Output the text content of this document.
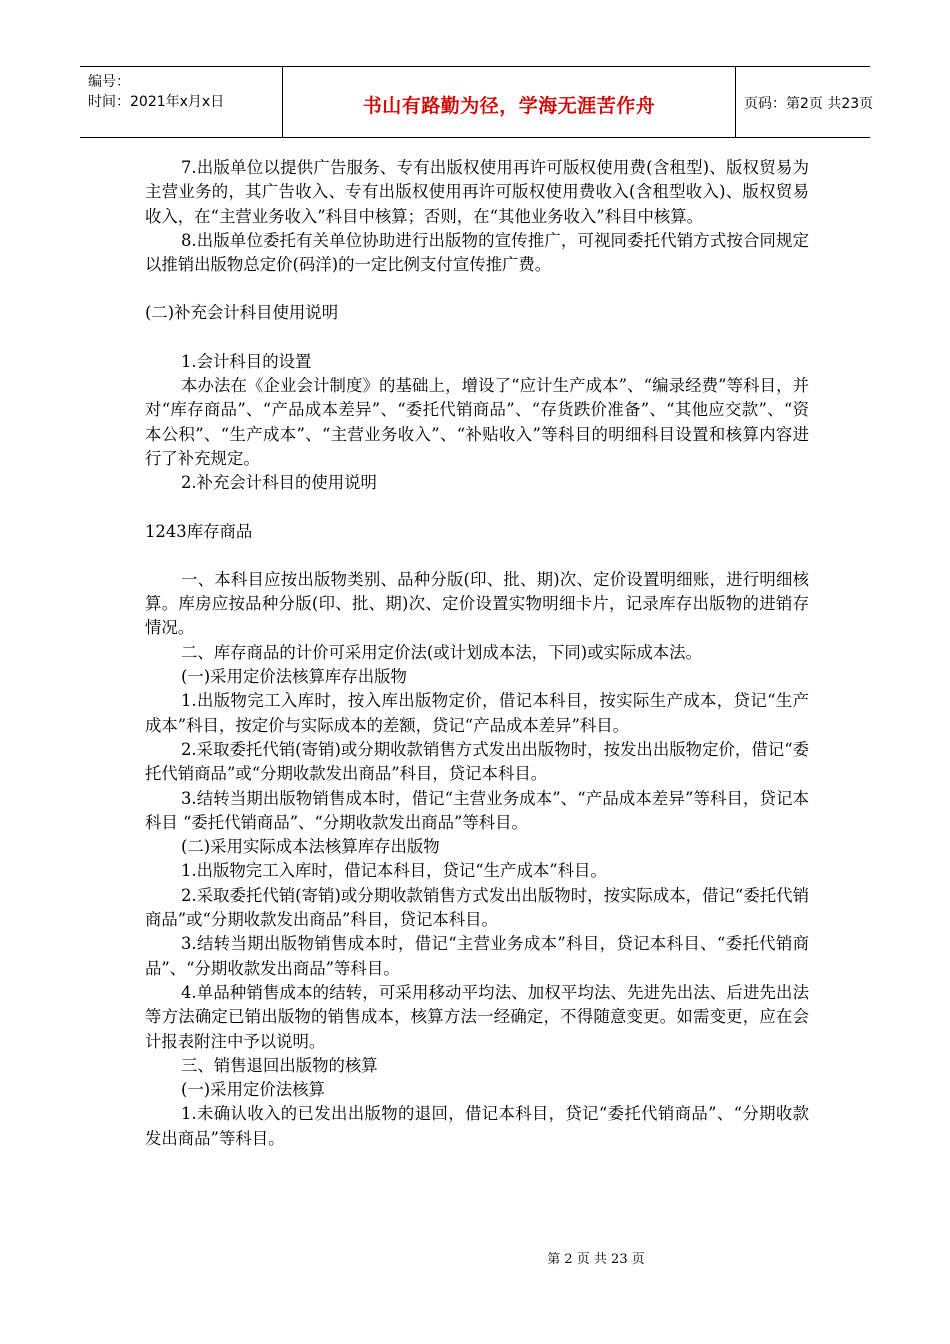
编号：
时间：2021年x月x日	书山有路勤为径，学海无涯苦作舟	页码：第2页 共23页

7.出版单位以提供广告服务、专有出版权使用再许可版权使用费(含租型)、版权贸易为主营业务的，其广告收入、专有出版权使用再许可版权使用费收入(含租型收入)、版权贸易收入，在“主营业务收入”科目中核算；否则，在“其他业务收入”科目中核算。

8.出版单位委托有关单位协助进行出版物的宣传推广，可视同委托代销方式按合同规定以推销出版物总定价(码洋)的一定比例支付宣传推广费。

(二)补充会计科目使用说明

1.会计科目的设置

本办法在《企业会计制度》的基础上，增设了“应计生产成本”、“编录经费”等科目，并对“库存商品”、“产品成本差异”、“委托代销商品”、“存货跌价准备”、“其他应交款”、“资本公积”、“生产成本”、“主营业务收入”、“补贴收入”等科目的明细科目设置和核算内容进行了补充规定。

2.补充会计科目的使用说明

1243库存商品

一、本科目应按出版物类别、品种分版(印、批、期)次、定价设置明细账，进行明细核算。库房应按品种分版(印、批、期)次、定价设置实物明细卡片，记录库存出版物的进销存情况。

二、库存商品的计价可采用定价法(或计划成本法，下同)或实际成本法。

(一)采用定价法核算库存出版物

1.出版物完工入库时，按入库出版物定价，借记本科目，按实际生产成本，贷记“生产成本”科目，按定价与实际成本的差额，贷记“产品成本差异”科目。

2.采取委托代销(寄销)或分期收款销售方式发出出版物时，按发出出版物定价，借记“委托代销商品”或“分期收款发出商品”科目，贷记本科目。

3.结转当期出版物销售成本时，借记“主营业务成本”、“产品成本差异”等科目，贷记本科目 “委托代销商品”、“分期收款发出商品”等科目。

(二)采用实际成本法核算库存出版物

1.出版物完工入库时，借记本科目，贷记“生产成本”科目。

2.采取委托代销(寄销)或分期收款销售方式发出出版物时，按实际成本，借记“委托代销商品”或“分期收款发出商品”科目，贷记本科目。

3.结转当期出版物销售成本时，借记“主营业务成本”科目，贷记本科目、“委托代销商品”、“分期收款发出商品”等科目。

4.单品种销售成本的结转，可采用移动平均法、加权平均法、先进先出法、后进先出法等方法确定已销出版物的销售成本，核算方法一经确定，不得随意变更。如需变更，应在会计报表附注中予以说明。

三、销售退回出版物的核算

(一)采用定价法核算

1.未确认收入的已发出出版物的退回，借记本科目，贷记“委托代销商品”、“分期收款发出商品”等科目。

第 2 页 共 23 页
